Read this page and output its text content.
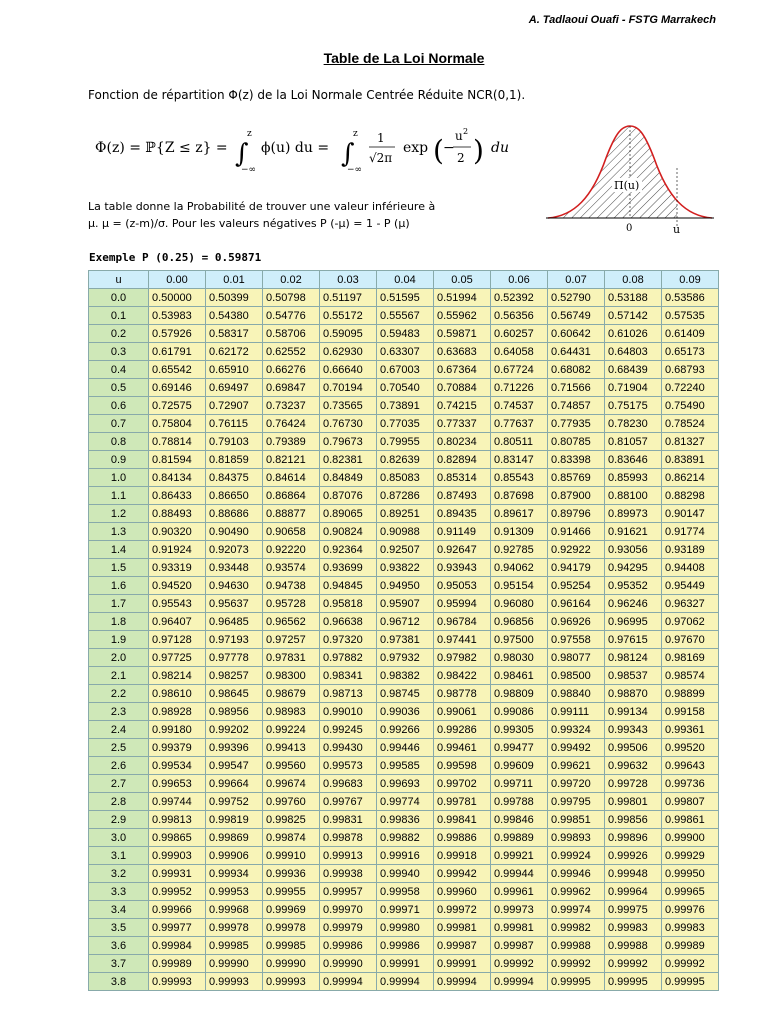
A. Tadlaoui Ouafi - FSTG Marrakech
Table de La Loi Normale
Fonction de répartition Φ(z) de la Loi Normale Centrée Réduite NCR(0,1).
Φ(z) = ℙ{Z ≤ z} = ∫
z
−∞
ϕ(u) du = ∫
z
−∞
1
√2π
exp ( −
u 2
2 ) du
La table donne la Probabilité de trouver une valeur inférieure à
µ. µ = (z-m)/σ. Pour les valeurs négatives P (-µ) = 1 - P (µ)
Π(u)
0	u
Exemple P (0.25) = 0.59871
u	0.00	0.01	0.02	0.03	0.04	0.05	0.06	0.07	0.08	0.09
0.0	0.50000	0.50399	0.50798	0.51197	0.51595	0.51994	0.52392	0.52790	0.53188	0.53586
0.1	0.53983	0.54380	0.54776	0.55172	0.55567	0.55962	0.56356	0.56749	0.57142	0.57535
0.2	0.57926	0.58317	0.58706	0.59095	0.59483	0.59871	0.60257	0.60642	0.61026	0.61409
0.3	0.61791	0.62172	0.62552	0.62930	0.63307	0.63683	0.64058	0.64431	0.64803	0.65173
0.4	0.65542	0.65910	0.66276	0.66640	0.67003	0.67364	0.67724	0.68082	0.68439	0.68793
0.5	0.69146	0.69497	0.69847	0.70194	0.70540	0.70884	0.71226	0.71566	0.71904	0.72240
0.6	0.72575	0.72907	0.73237	0.73565	0.73891	0.74215	0.74537	0.74857	0.75175	0.75490
0.7	0.75804	0.76115	0.76424	0.76730	0.77035	0.77337	0.77637	0.77935	0.78230	0.78524
0.8	0.78814	0.79103	0.79389	0.79673	0.79955	0.80234	0.80511	0.80785	0.81057	0.81327
0.9	0.81594	0.81859	0.82121	0.82381	0.82639	0.82894	0.83147	0.83398	0.83646	0.83891
1.0	0.84134	0.84375	0.84614	0.84849	0.85083	0.85314	0.85543	0.85769	0.85993	0.86214
1.1	0.86433	0.86650	0.86864	0.87076	0.87286	0.87493	0.87698	0.87900	0.88100	0.88298
1.2	0.88493	0.88686	0.88877	0.89065	0.89251	0.89435	0.89617	0.89796	0.89973	0.90147
1.3	0.90320	0.90490	0.90658	0.90824	0.90988	0.91149	0.91309	0.91466	0.91621	0.91774
1.4	0.91924	0.92073	0.92220	0.92364	0.92507	0.92647	0.92785	0.92922	0.93056	0.93189
1.5	0.93319	0.93448	0.93574	0.93699	0.93822	0.93943	0.94062	0.94179	0.94295	0.94408
1.6	0.94520	0.94630	0.94738	0.94845	0.94950	0.95053	0.95154	0.95254	0.95352	0.95449
1.7	0.95543	0.95637	0.95728	0.95818	0.95907	0.95994	0.96080	0.96164	0.96246	0.96327
1.8	0.96407	0.96485	0.96562	0.96638	0.96712	0.96784	0.96856	0.96926	0.96995	0.97062
1.9	0.97128	0.97193	0.97257	0.97320	0.97381	0.97441	0.97500	0.97558	0.97615	0.97670
2.0	0.97725	0.97778	0.97831	0.97882	0.97932	0.97982	0.98030	0.98077	0.98124	0.98169
2.1	0.98214	0.98257	0.98300	0.98341	0.98382	0.98422	0.98461	0.98500	0.98537	0.98574
2.2	0.98610	0.98645	0.98679	0.98713	0.98745	0.98778	0.98809	0.98840	0.98870	0.98899
2.3	0.98928	0.98956	0.98983	0.99010	0.99036	0.99061	0.99086	0.99111	0.99134	0.99158
2.4	0.99180	0.99202	0.99224	0.99245	0.99266	0.99286	0.99305	0.99324	0.99343	0.99361
2.5	0.99379	0.99396	0.99413	0.99430	0.99446	0.99461	0.99477	0.99492	0.99506	0.99520
2.6	0.99534	0.99547	0.99560	0.99573	0.99585	0.99598	0.99609	0.99621	0.99632	0.99643
2.7	0.99653	0.99664	0.99674	0.99683	0.99693	0.99702	0.99711	0.99720	0.99728	0.99736
2.8	0.99744	0.99752	0.99760	0.99767	0.99774	0.99781	0.99788	0.99795	0.99801	0.99807
2.9	0.99813	0.99819	0.99825	0.99831	0.99836	0.99841	0.99846	0.99851	0.99856	0.99861
3.0	0.99865	0.99869	0.99874	0.99878	0.99882	0.99886	0.99889	0.99893	0.99896	0.99900
3.1	0.99903	0.99906	0.99910	0.99913	0.99916	0.99918	0.99921	0.99924	0.99926	0.99929
3.2	0.99931	0.99934	0.99936	0.99938	0.99940	0.99942	0.99944	0.99946	0.99948	0.99950
3.3	0.99952	0.99953	0.99955	0.99957	0.99958	0.99960	0.99961	0.99962	0.99964	0.99965
3.4	0.99966	0.99968	0.99969	0.99970	0.99971	0.99972	0.99973	0.99974	0.99975	0.99976
3.5	0.99977	0.99978	0.99978	0.99979	0.99980	0.99981	0.99981	0.99982	0.99983	0.99983
3.6	0.99984	0.99985	0.99985	0.99986	0.99986	0.99987	0.99987	0.99988	0.99988	0.99989
3.7	0.99989	0.99990	0.99990	0.99990	0.99991	0.99991	0.99992	0.99992	0.99992	0.99992
3.8	0.99993	0.99993	0.99993	0.99994	0.99994	0.99994	0.99994	0.99995	0.99995	0.99995
